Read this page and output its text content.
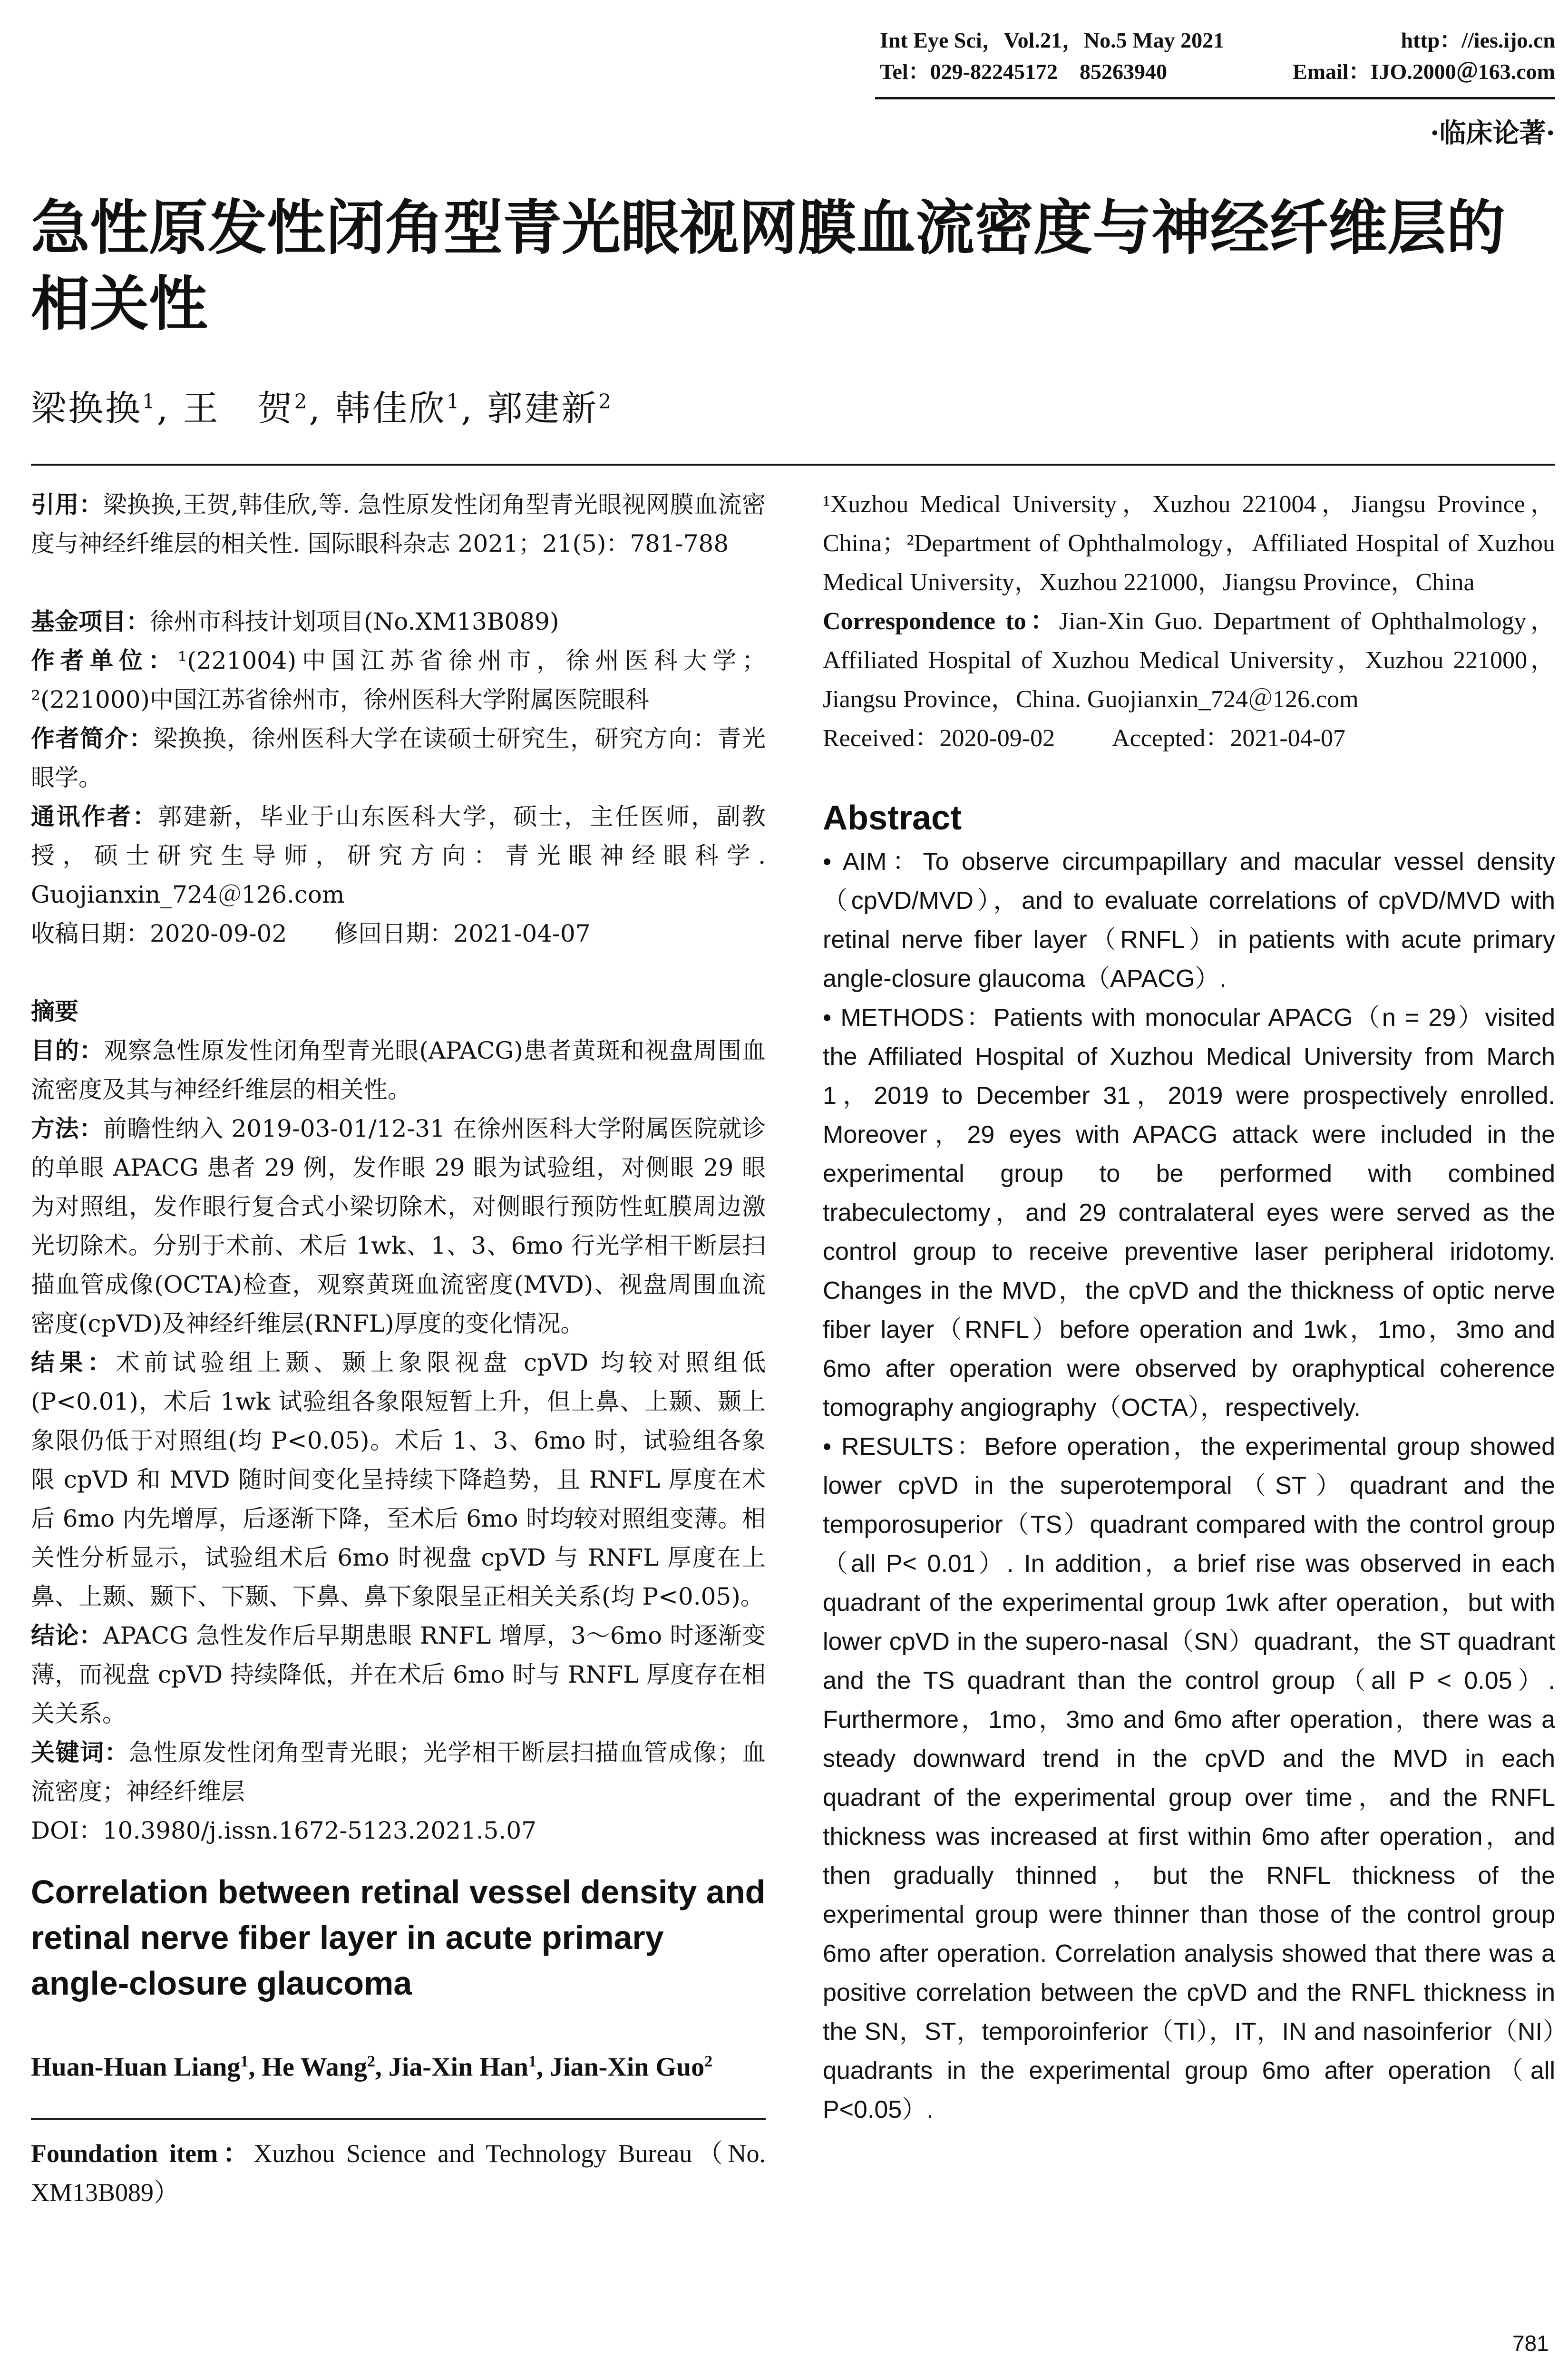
Int Eye Sci，Vol.21，No.5 May 2021	http：//ies.ijo.cn
Tel：029-82245172　85263940	Email：IJO.2000＠163.com
·临床论著·
急性原发性闭角型青光眼视网膜血流密度与神经纤维层的相关性
梁换换$^1$, 王　贺$^2$, 韩佳欣$^1$, 郭建新$^2$

引用：梁换换,王贺,韩佳欣,等. 急性原发性闭角型青光眼视网膜血流密度与神经纤维层的相关性. 国际眼科杂志 2021；21(5)：781-788

基金项目：徐州市科技计划项目(No.XM13B089)

作者单位：¹(221004)中国江苏省徐州市，徐州医科大学；²(221000)中国江苏省徐州市，徐州医科大学附属医院眼科

作者简介：梁换换，徐州医科大学在读硕士研究生，研究方向：青光眼学。

通讯作者：郭建新，毕业于山东医科大学，硕士，主任医师，副教授，硕士研究生导师，研究方向：青光眼神经眼科学. Guojianxin_724＠126.com

收稿日期：2020-09-02　　修回日期：2021-04-07

摘要

目的：观察急性原发性闭角型青光眼(APACG)患者黄斑和视盘周围血流密度及其与神经纤维层的相关性。

方法：前瞻性纳入 2019-03-01/12-31 在徐州医科大学附属医院就诊的单眼 APACG 患者 29 例，发作眼 29 眼为试验组，对侧眼 29 眼为对照组，发作眼行复合式小梁切除术，对侧眼行预防性虹膜周边激光切除术。分别于术前、术后 1wk、1、3、6mo 行光学相干断层扫描血管成像(OCTA)检查，观察黄斑血流密度(MVD)、视盘周围血流密度(cpVD)及神经纤维层(RNFL)厚度的变化情况。

结果：术前试验组上颞、颞上象限视盘 cpVD 均较对照组低(P<0.01)，术后 1wk 试验组各象限短暂上升，但上鼻、上颞、颞上象限仍低于对照组(均 P<0.05)。术后 1、3、6mo 时，试验组各象限 cpVD 和 MVD 随时间变化呈持续下降趋势，且 RNFL 厚度在术后 6mo 内先增厚，后逐渐下降，至术后 6mo 时均较对照组变薄。相关性分析显示，试验组术后 6mo 时视盘 cpVD 与 RNFL 厚度在上鼻、上颞、颞下、下颞、下鼻、鼻下象限呈正相关关系(均 P<0.05)。

结论：APACG 急性发作后早期患眼 RNFL 增厚，3～6mo 时逐渐变薄，而视盘 cpVD 持续降低，并在术后 6mo 时与 RNFL 厚度存在相关关系。

关键词：急性原发性闭角型青光眼；光学相干断层扫描血管成像；血流密度；神经纤维层

DOI：10.3980/j.issn.1672-5123.2021.5.07

Correlation between retinal vessel density and retinal nerve fiber layer in acute primary angle-closure glaucoma

Huan-Huan Liang$^1$, He Wang$^2$, Jia-Xin Han$^1$, Jian-Xin Guo$^2$

Foundation item：Xuzhou Science and Technology Bureau（No. XM13B089）

¹Xuzhou Medical University，Xuzhou 221004，Jiangsu Province，China；²Department of Ophthalmology，Affiliated Hospital of Xuzhou Medical University，Xuzhou 221000，Jiangsu Province，China

Correspondence to：Jian-Xin Guo. Department of Ophthalmology，Affiliated Hospital of Xuzhou Medical University，Xuzhou 221000，Jiangsu Province，China. Guojianxin_724＠126.com

Received：2020-09-02 Accepted：2021-04-07
Abstract

• AIM：To observe circumpapillary and macular vessel density（cpVD/MVD），and to evaluate correlations of cpVD/MVD with retinal nerve fiber layer（RNFL）in patients with acute primary angle-closure glaucoma（APACG）.

• METHODS：Patients with monocular APACG（n = 29）visited the Affiliated Hospital of Xuzhou Medical University from March 1，2019 to December 31，2019 were prospectively enrolled. Moreover，29 eyes with APACG attack were included in the experimental group to be performed with combined trabeculectomy，and 29 contralateral eyes were served as the control group to receive preventive laser peripheral iridotomy. Changes in the MVD，the cpVD and the thickness of optic nerve fiber layer（RNFL）before operation and 1wk，1mo，3mo and 6mo after operation were observed by oraphyptical coherence tomography angiography（OCTA），respectively.

• RESULTS：Before operation，the experimental group showed lower cpVD in the superotemporal（ST）quadrant and the temporosuperior（TS）quadrant compared with the control group（all P< 0.01）. In addition，a brief rise was observed in each quadrant of the experimental group 1wk after operation，but with lower cpVD in the supero-nasal（SN）quadrant，the ST quadrant and the TS quadrant than the control group（all P < 0.05）. Furthermore，1mo，3mo and 6mo after operation，there was a steady downward trend in the cpVD and the MVD in each quadrant of the experimental group over time，and the RNFL thickness was increased at first within 6mo after operation，and then gradually thinned，but the RNFL thickness of the experimental group were thinner than those of the control group 6mo after operation. Correlation analysis showed that there was a positive correlation between the cpVD and the RNFL thickness in the SN，ST，temporoinferior（TI），IT，IN and nasoinferior（NI）quadrants in the experimental group 6mo after operation（all P<0.05）.

781
